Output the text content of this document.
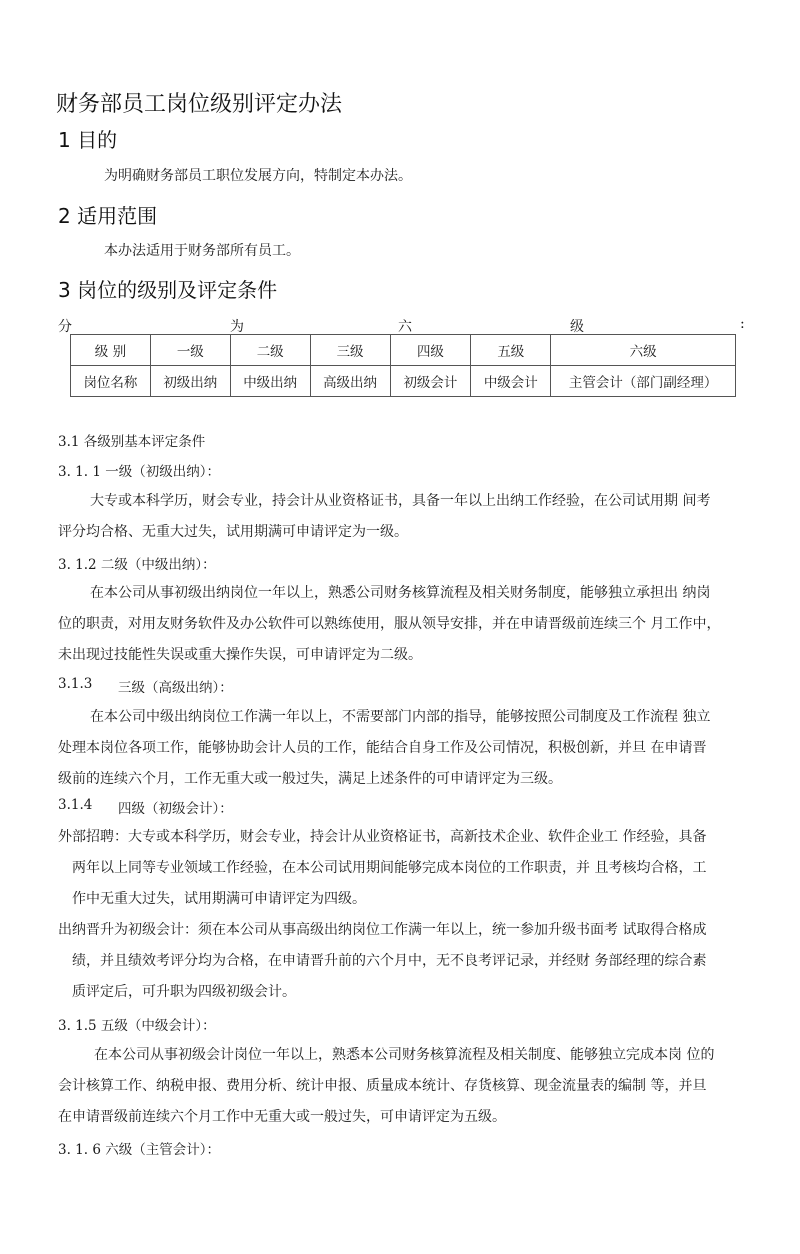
财务部员工岗位级别评定办法
1 目的
为明确财务部员工职位发展方向，特制定本办法。
2 适用范围
本办法适用于财务部所有员工。
3 岗位的级别及评定条件
分	为	六	级	:
级 别	一级	二级	三级	四级	五级	六级
岗位名称	初级出纳	中级出纳	高级出纳	初级会计	中级会计	主管会计（部门副经理）
3.1 各级别基本评定条件
3. 1. 1 一级（初级出纳）：
大专或本科学历，财会专业，持会计从业资格证书，具备一年以上出纳工作经验，在公司试用期 间考
评分均合格、无重大过失，试用期满可申请评定为一级。
3. 1.2 二级（中级出纳）：
在本公司从事初级出纳岗位一年以上，熟悉公司财务核算流程及相关财务制度，能够独立承担出 纳岗
位的职责，对用友财务软件及办公软件可以熟练使用，服从领导安排，并在申请晋级前连续三个 月工作中，
未出现过技能性失误或重大操作失误，可申请评定为二级。
3.1.3 三级（高级出纳）：
在本公司中级出纳岗位工作满一年以上，不需要部门内部的指导，能够按照公司制度及工作流程 独立
处理本岗位各项工作，能够协助会计人员的工作，能结合自身工作及公司情况，积极创新，并旦 在申请晋
级前的连续六个月，工作无重大或一般过失，满足上述条件的可申请评定为三级。
3.1.4 四级（初级会计）：
外部招聘：大专或本科学历，财会专业，持会计从业资格证书，高新技术企业、软件企业工 作经验，具备
两年以上同等专业领域工作经验，在本公司试用期间能够完成本岗位的工作职责，并 且考核均合格，工
作中无重大过失，试用期满可申请评定为四级。
出纳晋升为初级会计：须在本公司从事高级出纳岗位工作满一年以上，统一参加升级书面考 试取得合格成
绩，并且绩效考评分均为合格，在申请晋升前的六个月中，无不良考评记录，并经财 务部经理的综合素
质评定后，可升职为四级初级会计。
3. 1.5 五级（中级会计）：
在本公司从事初级会计岗位一年以上，熟悉本公司财务核算流程及相关制度、能够独立完成本岗 位的
会计核算工作、纳税申报、费用分析、统计申报、质量成本统计、存货核算、现金流量表的编制 等，并旦
在申请晋级前连续六个月工作中无重大或一般过失，可申请评定为五级。
3. 1. 6 六级（主管会计）：
